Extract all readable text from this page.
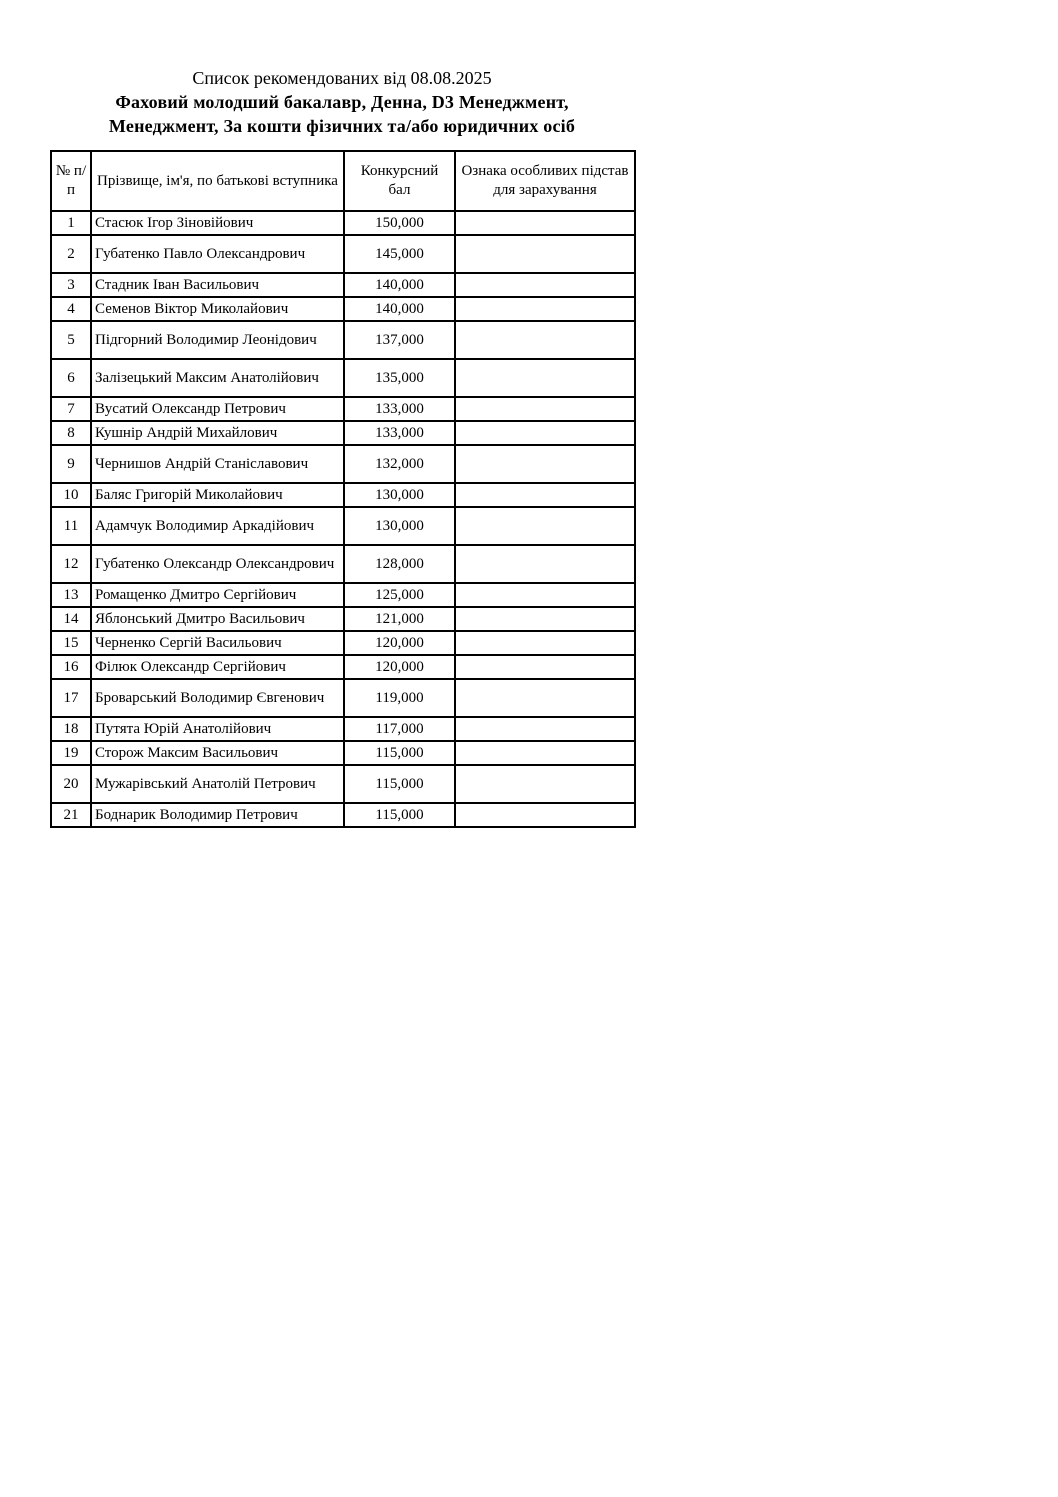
Список рекомендованих від 08.08.2025
Фаховий молодший бакалавр, Денна, D3 Менеджмент,
Менеджмент, За кошти фізичних та/або юридичних осіб
№ п/п	Прізвище, ім'я, по батькові вступника	Конкурсний бал	Ознака особливих підстав для зарахування
1	Стасюк Ігор Зіновійович	150,000	
2	Губатенко Павло Олександрович	145,000	
3	Стадник Іван Васильович	140,000	
4	Семенов Віктор Миколайович	140,000	
5	Підгорний Володимир Леонідович	137,000	
6	Залізецький Максим Анатолійович	135,000	
7	Вусатий Олександр Петрович	133,000	
8	Кушнір Андрій Михайлович	133,000	
9	Чернишов Андрій Станіславович	132,000	
10	Баляс Григорій Миколайович	130,000	
11	Адамчук Володимир Аркадійович	130,000	
12	Губатенко Олександр Олександрович	128,000	
13	Ромащенко Дмитро Сергійович	125,000	
14	Яблонський Дмитро Васильович	121,000	
15	Черненко Сергій Васильович	120,000	
16	Філюк Олександр Сергійович	120,000	
17	Броварський Володимир Євгенович	119,000	
18	Путята Юрій Анатолійович	117,000	
19	Сторож Максим Васильович	115,000	
20	Мужарівський Анатолій Петрович	115,000	
21	Боднарик Володимир Петрович	115,000	
